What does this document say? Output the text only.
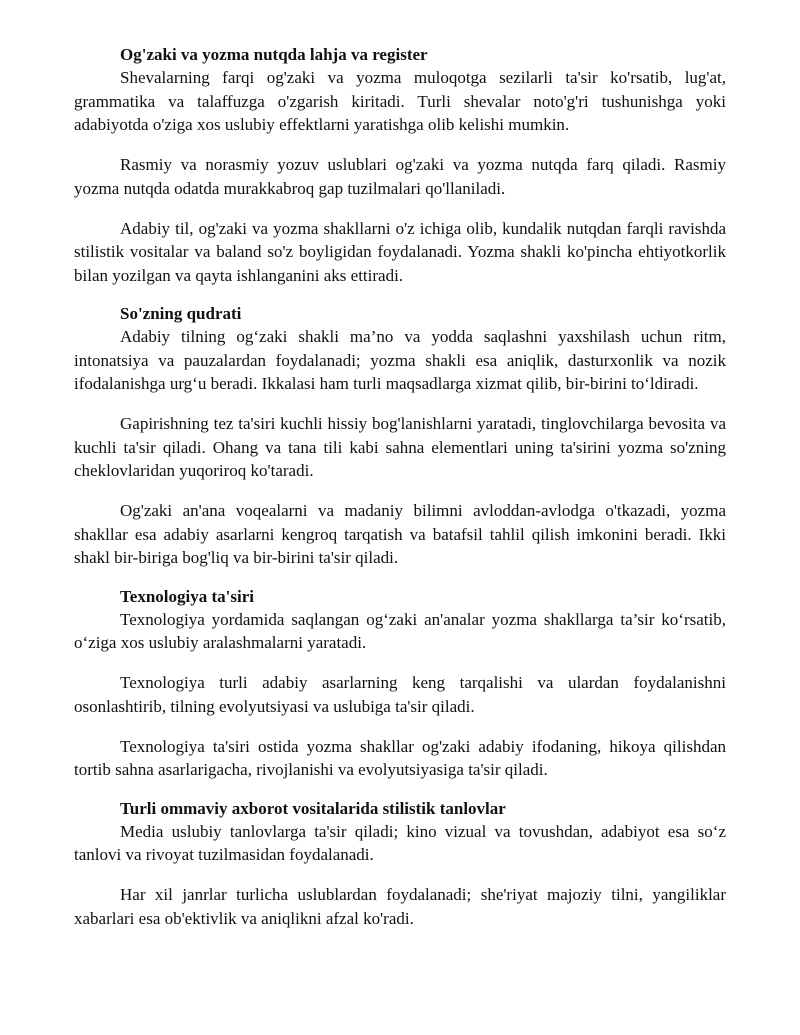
Og'zaki va yozma nutqda lahja va register

Shevalarning farqi og'zaki va yozma muloqotga sezilarli ta'sir ko'rsatib, lug'at, grammatika va talaffuzga o'zgarish kiritadi. Turli shevalar noto'g'ri tushunishga yoki adabiyotda o'ziga xos uslubiy effektlarni yaratishga olib kelishi mumkin.

Rasmiy va norasmiy yozuv uslublari og'zaki va yozma nutqda farq qiladi. Rasmiy yozma nutqda odatda murakkabroq gap tuzilmalari qo'llaniladi.

Adabiy til, og'zaki va yozma shakllarni o'z ichiga olib, kundalik nutqdan farqli ravishda stilistik vositalar va baland so'z boyligidan foydalanadi. Yozma shakli ko'pincha ehtiyotkorlik bilan yozilgan va qayta ishlanganini aks ettiradi.

So'zning qudrati

Adabiy tilning og‘zaki shakli ma’no va yodda saqlashni yaxshilash uchun ritm, intonatsiya va pauzalardan foydalanadi; yozma shakli esa aniqlik, dasturxonlik va nozik ifodalanishga urg‘u beradi. Ikkalasi ham turli maqsadlarga xizmat qilib, bir-birini to‘ldiradi.

Gapirishning tez ta'siri kuchli hissiy bog'lanishlarni yaratadi, tinglovchilarga bevosita va kuchli ta'sir qiladi. Ohang va tana tili kabi sahna elementlari uning ta'sirini yozma so'zning cheklovlaridan yuqoriroq ko'taradi.

Og'zaki an'ana voqealarni va madaniy bilimni avloddan-avlodga o'tkazadi, yozma shakllar esa adabiy asarlarni kengroq tarqatish va batafsil tahlil qilish imkonini beradi. Ikki shakl bir-biriga bog'liq va bir-birini ta'sir qiladi.

Texnologiya ta'siri

Texnologiya yordamida saqlangan og‘zaki an'analar yozma shakllarga ta’sir ko‘rsatib, o‘ziga xos uslubiy aralashmalarni yaratadi.

Texnologiya turli adabiy asarlarning keng tarqalishi va ulardan foydalanishni osonlashtirib, tilning evolyutsiyasi va uslubiga ta'sir qiladi.

Texnologiya ta'siri ostida yozma shakllar og'zaki adabiy ifodaning, hikoya qilishdan tortib sahna asarlarigacha, rivojlanishi va evolyutsiyasiga ta'sir qiladi.

Turli ommaviy axborot vositalarida stilistik tanlovlar

Media uslubiy tanlovlarga ta'sir qiladi; kino vizual va tovushdan, adabiyot esa so‘z tanlovi va rivoyat tuzilmasidan foydalanadi.

Har xil janrlar turlicha uslublardan foydalanadi; she'riyat majoziy tilni, yangiliklar xabarlari esa ob'ektivlik va aniqlikni afzal ko'radi.
